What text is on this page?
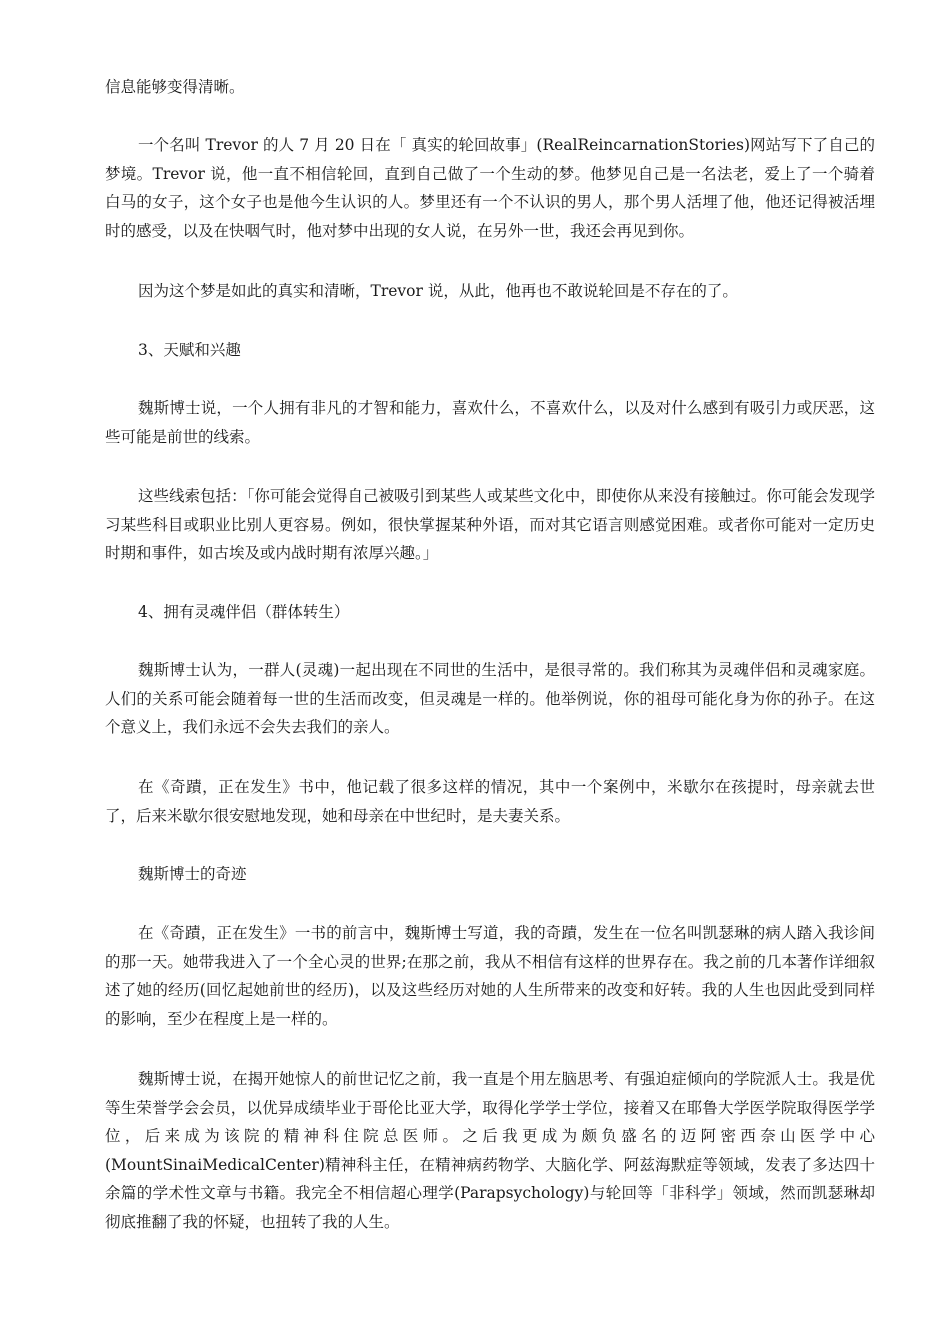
信息能够变得清晰。

一个名叫 Trevor 的人 7 月 20 日在「 真实的轮回故事」(RealReincarnationStories)网站写下了自己的梦境。Trevor 说，他一直不相信轮回，直到自己做了一个生动的梦。他梦见自己是一名法老，爱上了一个骑着白马的女子，这个女子也是他今生认识的人。梦里还有一个不认识的男人，那个男人活埋了他，他还记得被活埋时的感受，以及在快咽气时，他对梦中出现的女人说，在另外一世，我还会再见到你。

因为这个梦是如此的真实和清晰，Trevor 说，从此，他再也不敢说轮回是不存在的了。

3、天赋和兴趣

魏斯博士说，一个人拥有非凡的才智和能力，喜欢什么，不喜欢什么，以及对什么感到有吸引力或厌恶，这些可能是前世的线索。

这些线索包括：「你可能会觉得自己被吸引到某些人或某些文化中，即使你从来没有接触过。你可能会发现学习某些科目或职业比别人更容易。例如，很快掌握某种外语，而对其它语言则感觉困难。或者你可能对一定历史时期和事件，如古埃及或内战时期有浓厚兴趣。」

4、拥有灵魂伴侣（群体转生）

魏斯博士认为，一群人(灵魂)一起出现在不同世的生活中，是很寻常的。我们称其为灵魂伴侣和灵魂家庭。人们的关系可能会随着每一世的生活而改变，但灵魂是一样的。他举例说，你的祖母可能化身为你的孙子。在这个意义上，我们永远不会失去我们的亲人。

在《奇蹟，正在发生》书中，他记载了很多这样的情况，其中一个案例中，米歇尔在孩提时，母亲就去世了，后来米歇尔很安慰地发现，她和母亲在中世纪时，是夫妻关系。

魏斯博士的奇迹

在《奇蹟，正在发生》一书的前言中，魏斯博士写道，我的奇蹟，发生在一位名叫凯瑟琳的病人踏入我诊间的那一天。她带我进入了一个全心灵的世界;在那之前，我从不相信有这样的世界存在。我之前的几本著作详细叙述了她的经历(回忆起她前世的经历)，以及这些经历对她的人生所带来的改变和好转。我的人生也因此受到同样的影响，至少在程度上是一样的。

魏斯博士说，在揭开她惊人的前世记忆之前，我一直是个用左脑思考、有强迫症倾向的学院派人士。我是优等生荣誉学会会员，以优异成绩毕业于哥伦比亚大学，取得化学学士学位，接着又在耶鲁大学医学院取得医学学位，后来成为该院的精神科住院总医师。之后我更成为颇负盛名的迈阿密西奈山医学中心(MountSinaiMedicalCenter)精神科主任，在精神病药物学、大脑化学、阿兹海默症等领域，发表了多达四十余篇的学术性文章与书籍。我完全不相信超心理学(Parapsychology)与轮回等「非科学」领域，然而凯瑟琳却彻底推翻了我的怀疑，也扭转了我的人生。
